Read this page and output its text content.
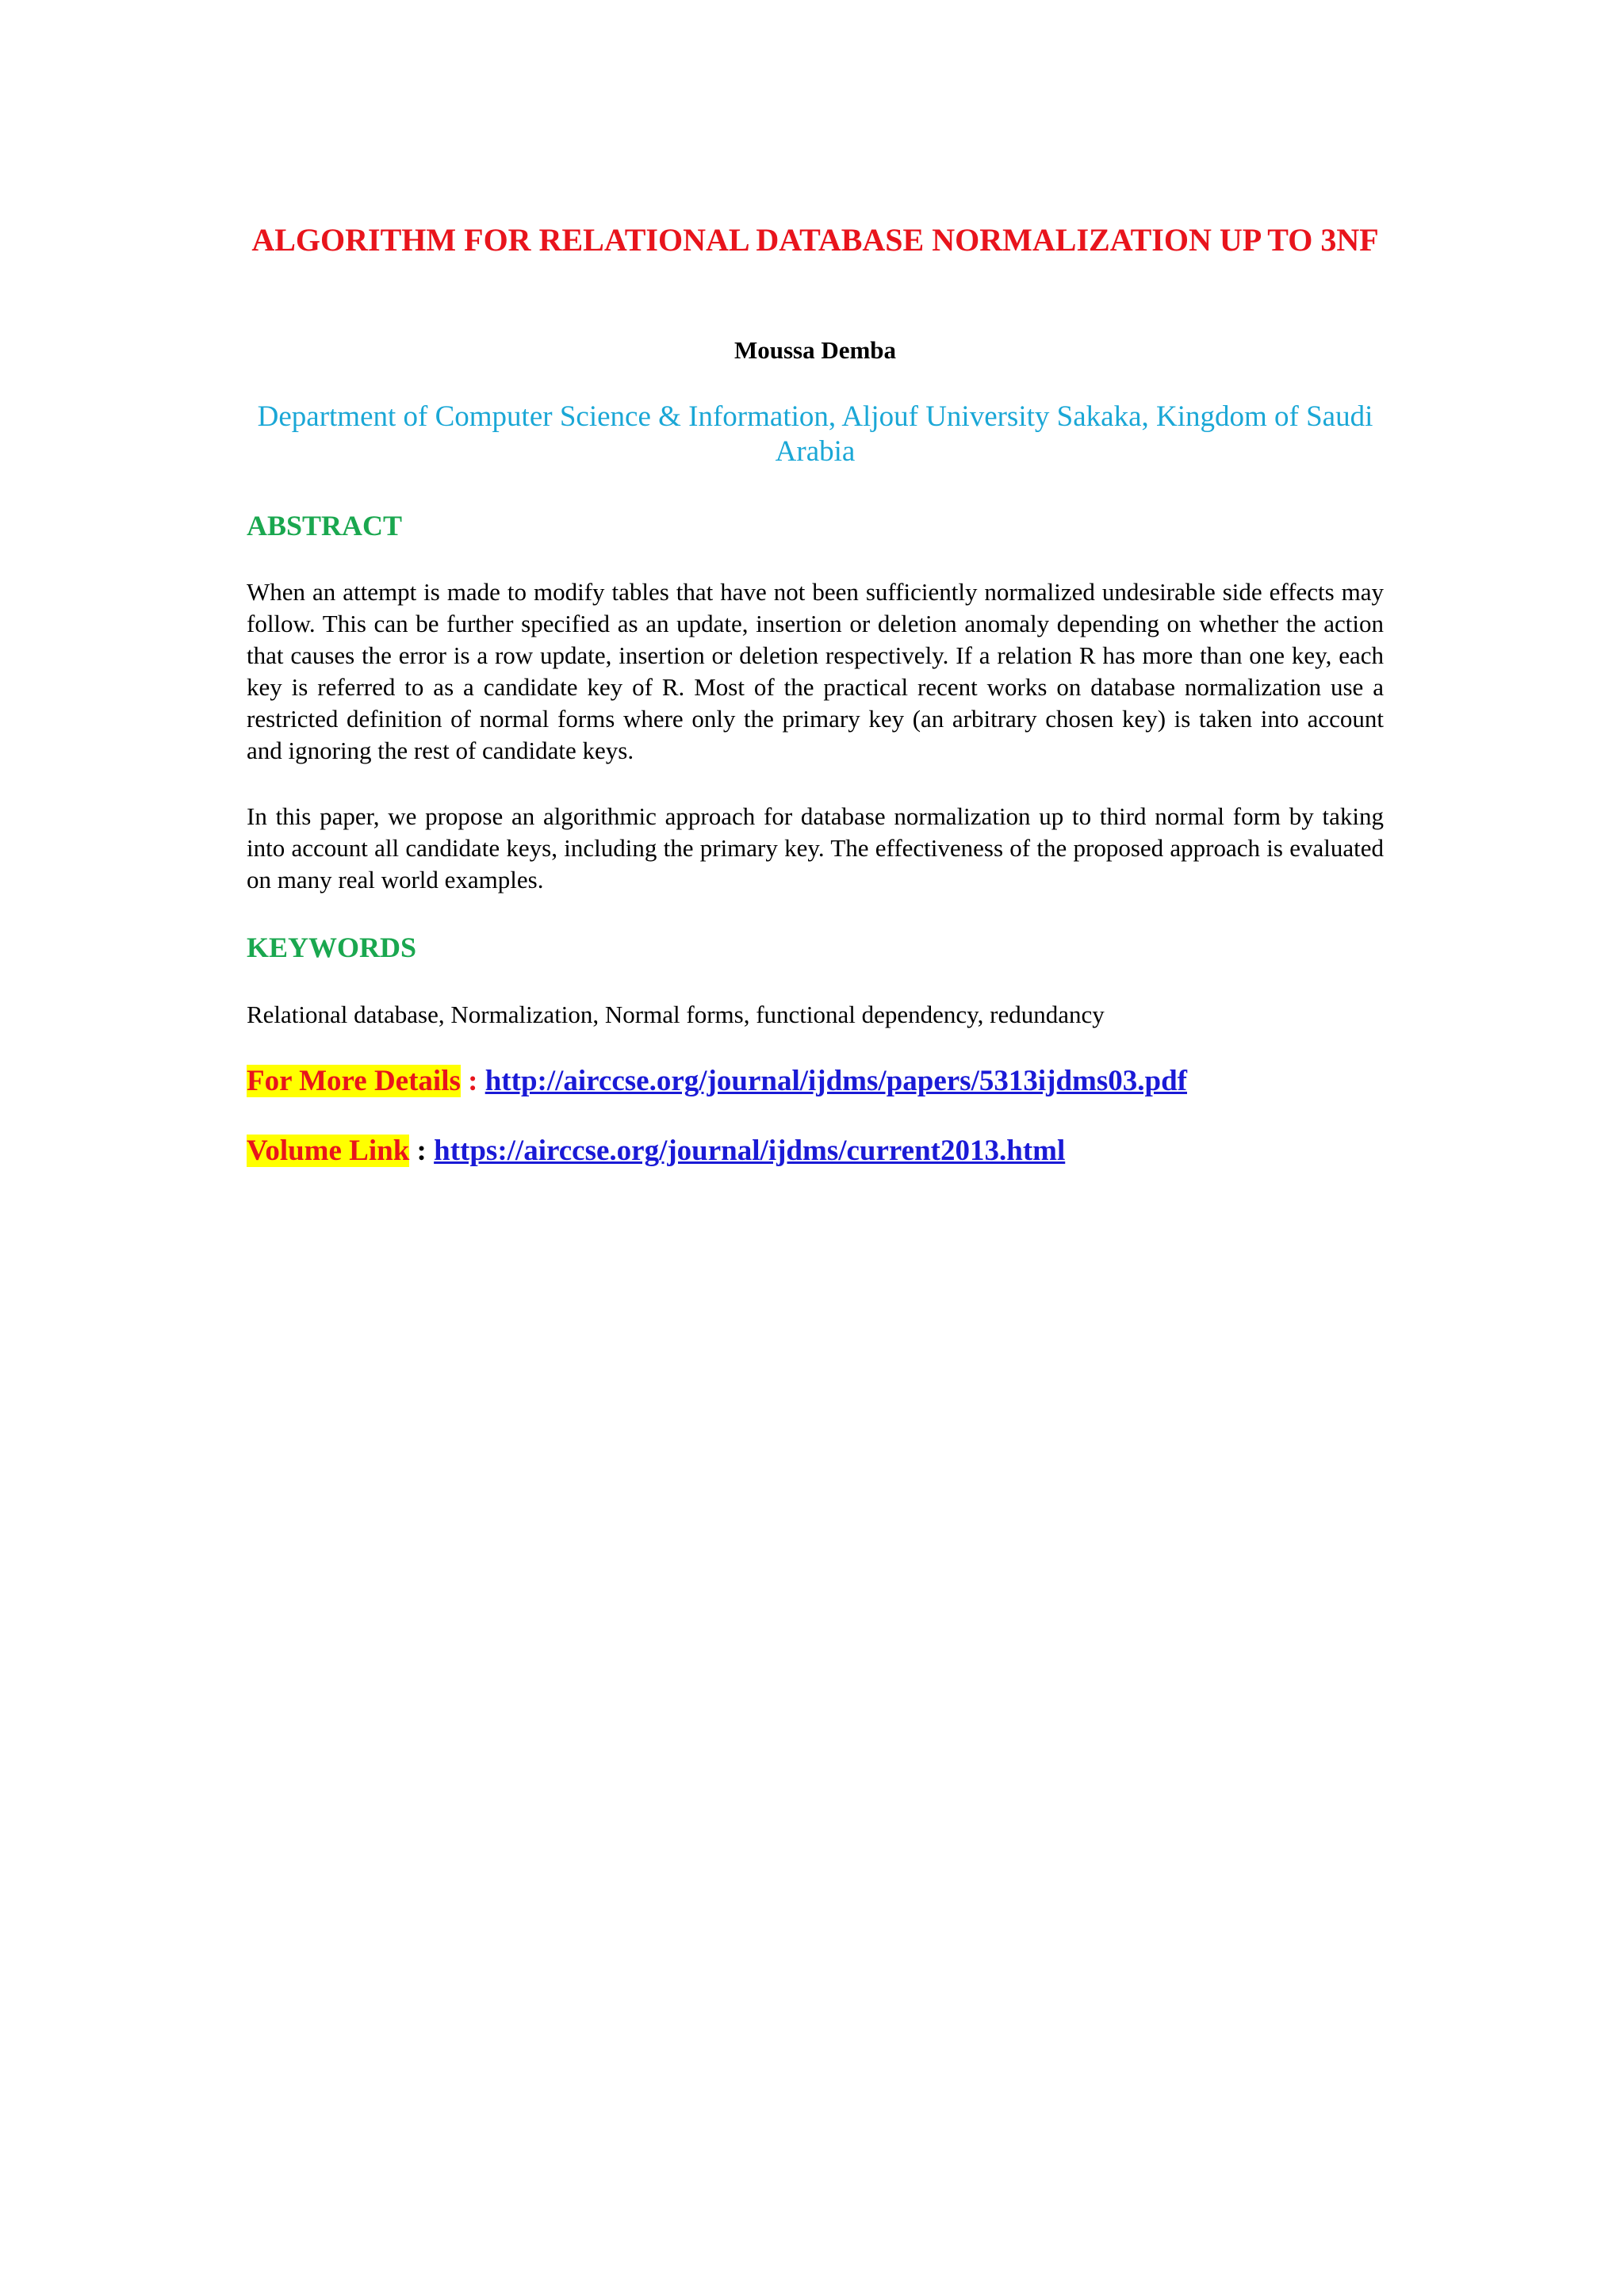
ALGORITHM FOR RELATIONAL DATABASE NORMALIZATION UP TO 3NF
Moussa Demba
Department of Computer Science & Information, Aljouf University Sakaka, Kingdom of Saudi Arabia
ABSTRACT

When an attempt is made to modify tables that have not been sufficiently normalized undesirable side effects may follow. This can be further specified as an update, insertion or deletion anomaly depending on whether the action that causes the error is a row update, insertion or deletion respectively. If a relation R has more than one key, each key is referred to as a candidate key of R. Most of the practical recent works on database normalization use a restricted definition of normal forms where only the primary key (an arbitrary chosen key) is taken into account and ignoring the rest of candidate keys.

In this paper, we propose an algorithmic approach for database normalization up to third normal form by taking into account all candidate keys, including the primary key. The effectiveness of the proposed approach is evaluated on many real world examples.

KEYWORDS

Relational database, Normalization, Normal forms, functional dependency, redundancy

For More Details : http://airccse.org/journal/ijdms/papers/5313ijdms03.pdf
Volume Link : https://airccse.org/journal/ijdms/current2013.html
